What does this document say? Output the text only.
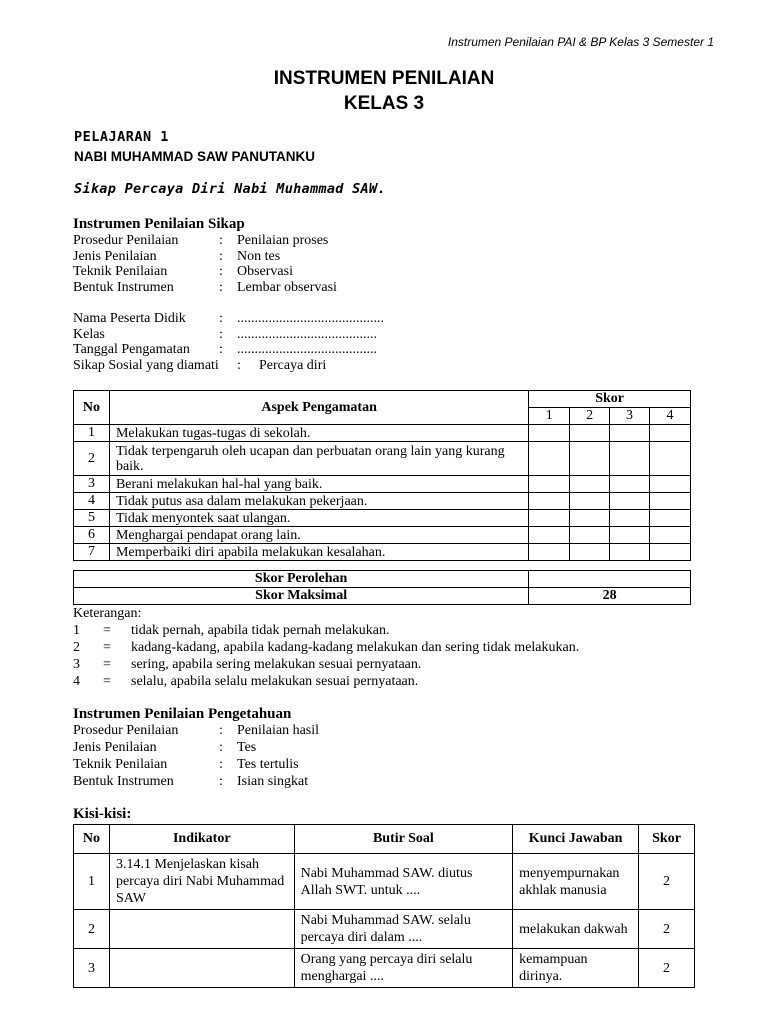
Instrumen Penilaian PAI & BP Kelas 3 Semester 1
INSTRUMEN PENILAIAN
KELAS 3
PELAJARAN 1
NABI MUHAMMAD SAW PANUTANKU
Sikap Percaya Diri Nabi Muhammad SAW.
Instrumen Penilaian Sikap
Prosedur Penilaian	: Penilaian proses
Jenis Penilaian	: Non tes
Teknik Penilaian	: Observasi
Bentuk Instrumen	: Lembar observasi
Nama Peserta Didik : ..........................................
Kelas	: ........................................
Tanggal Pengamatan : ........................................
Sikap Sosial yang diamati : Percaya diri
No	Aspek Pengamatan	Skor			
		1	2	3	4
1	Melakukan tugas-tugas di sekolah.				
2	Tidak terpengaruh oleh ucapan dan perbuatan orang lain yang kurang baik.				
3	Berani melakukan hal-hal yang baik.				
4	Tidak putus asa dalam melakukan pekerjaan.				
5	Tidak menyontek saat ulangan.				
6	Menghargai pendapat orang lain.				
7	Memperbaiki diri apabila melakukan kesalahan.				
Skor Perolehan	
Skor Maksimal	28
Keterangan:
1 = tidak pernah, apabila tidak pernah melakukan.
2 = kadang-kadang, apabila kadang-kadang melakukan dan sering tidak melakukan.
3 = sering, apabila sering melakukan sesuai pernyataan.
4 = selalu, apabila selalu melakukan sesuai pernyataan.
Instrumen Penilaian Pengetahuan
Prosedur Penilaian	: Penilaian hasil
Jenis Penilaian	: Tes
Teknik Penilaian	: Tes tertulis
Bentuk Instrumen	: Isian singkat
Kisi-kisi:
No	Indikator	Butir Soal	Kunci Jawaban	Skor
1	3.14.1 Menjelaskan kisah percaya diri Nabi Muhammad SAW	Nabi Muhammad SAW. diutus Allah SWT. untuk ....	menyempurnakan akhlak manusia	2
2		Nabi Muhammad SAW. selalu percaya diri dalam ....	melakukan dakwah	2
3		Orang yang percaya diri selalu menghargai ....	kemampuan dirinya.	2
